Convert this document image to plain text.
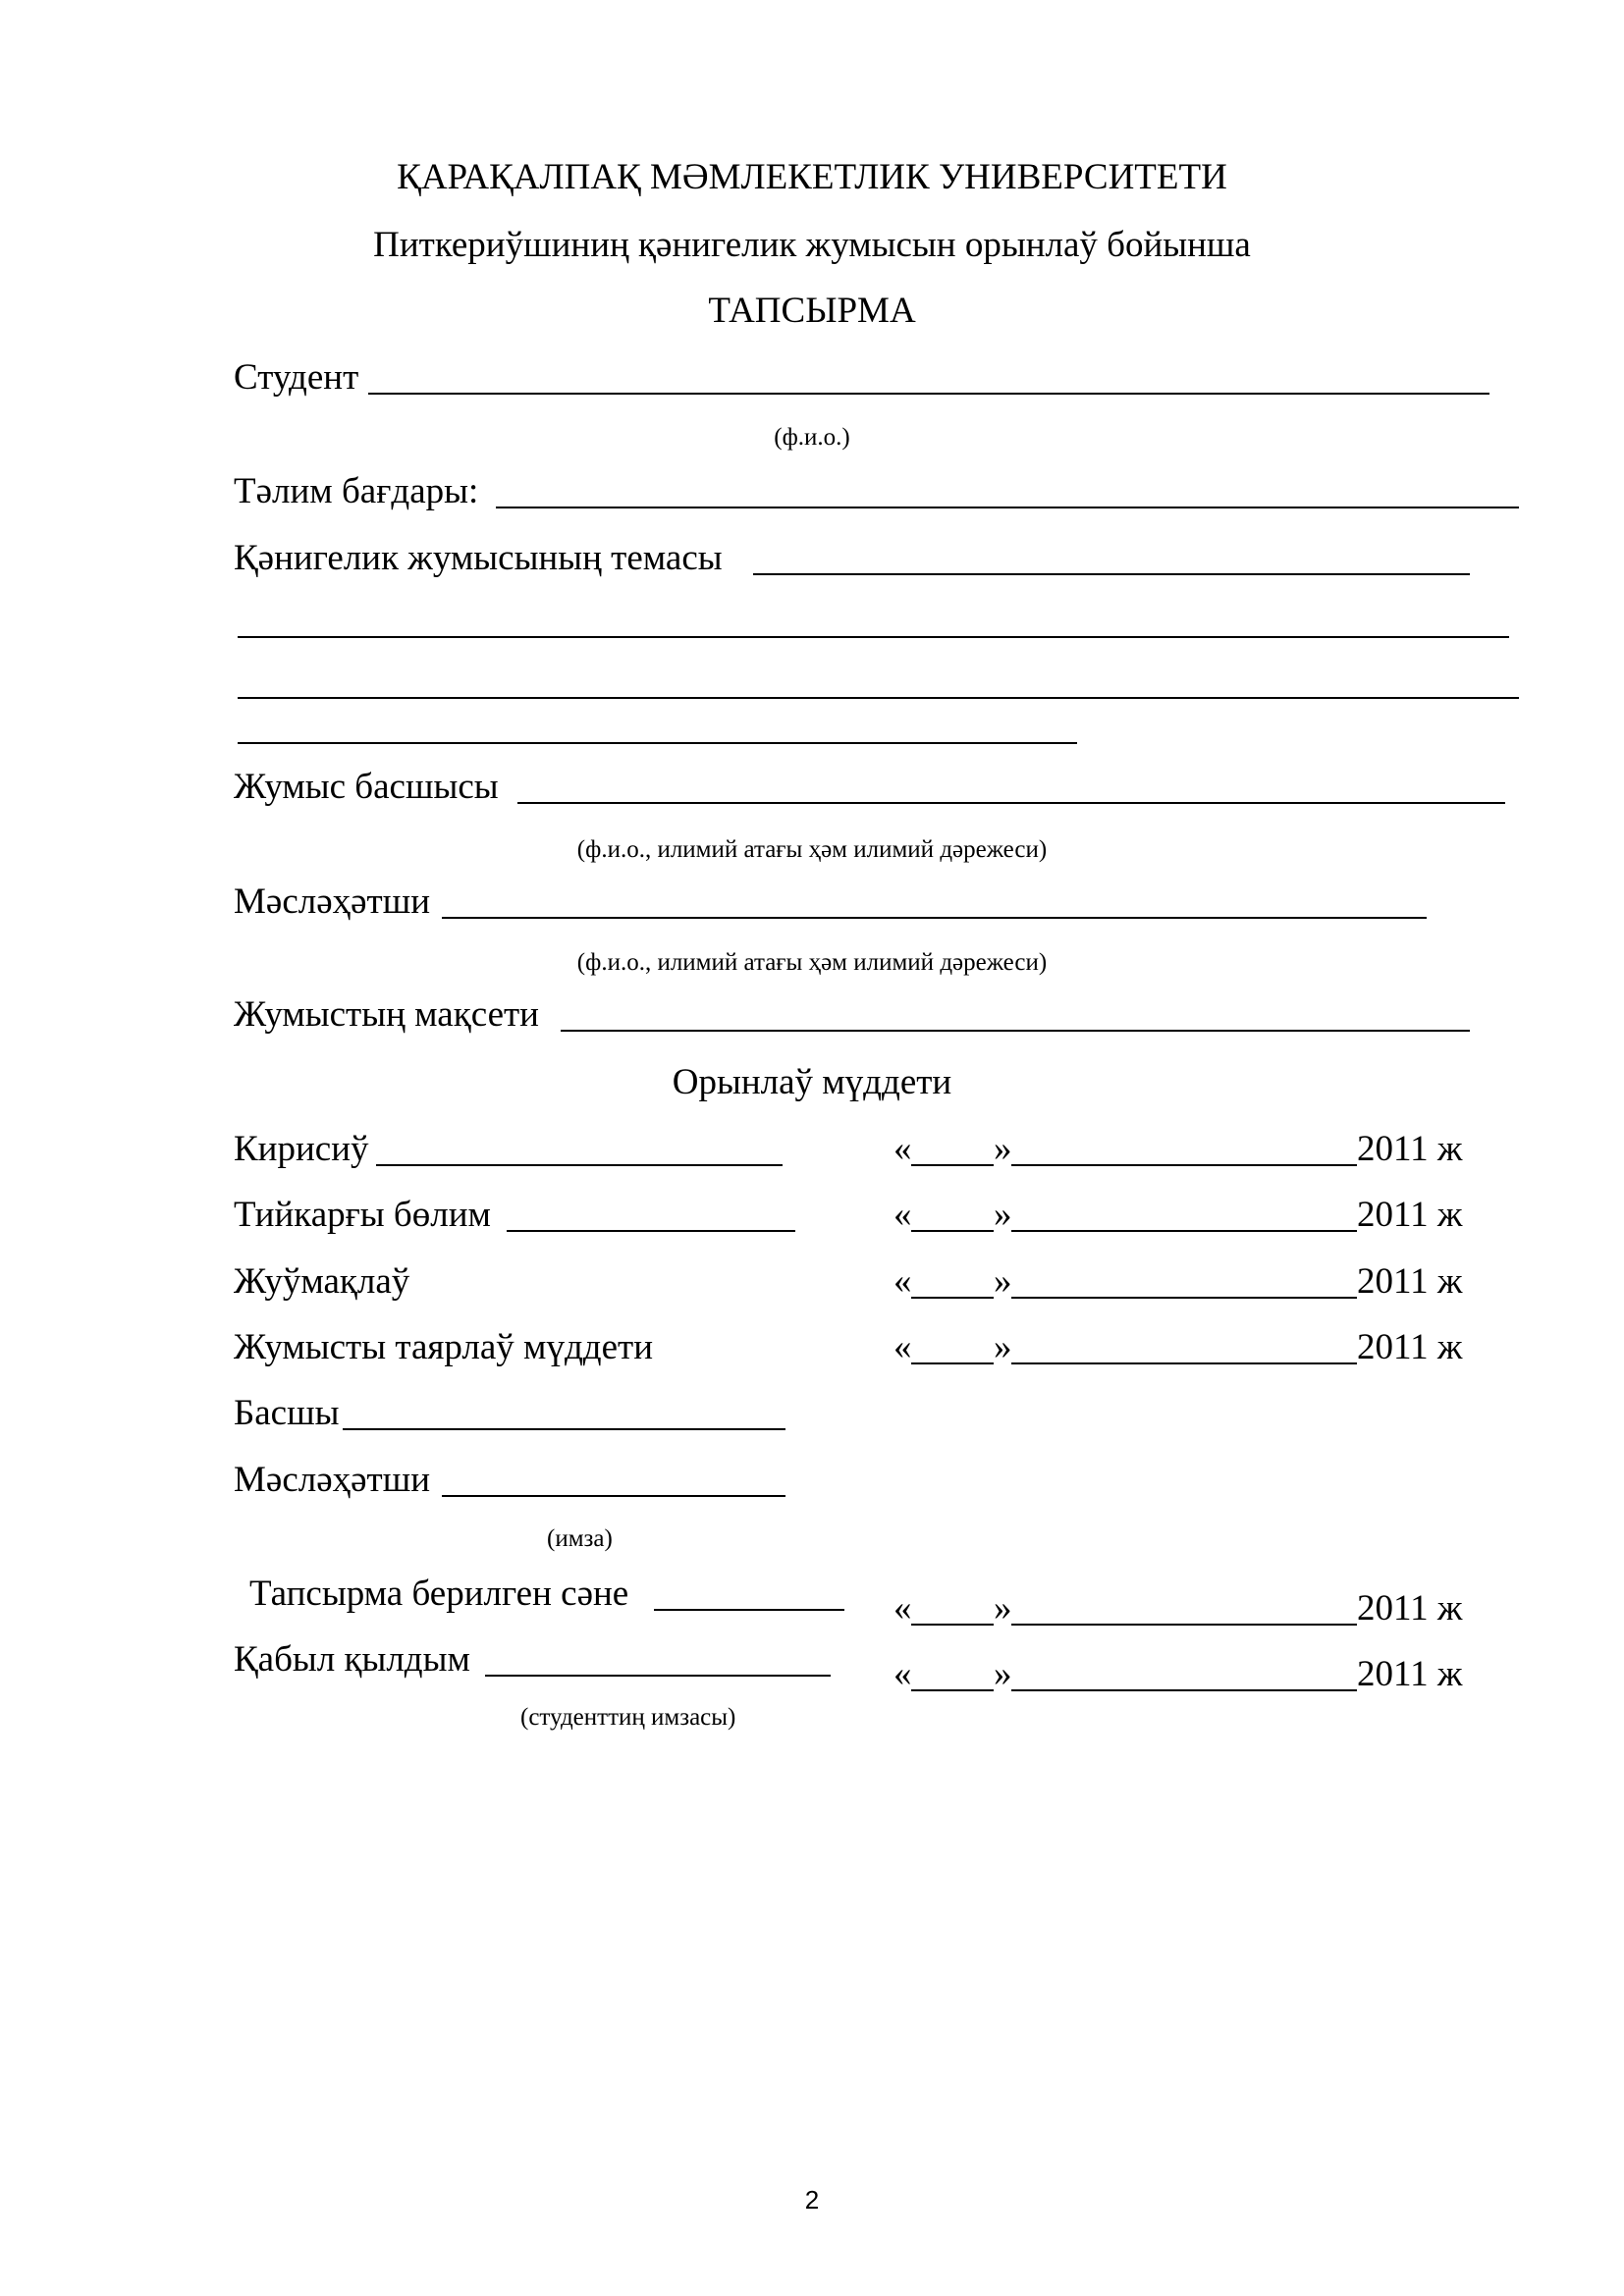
ҚАРАҚАЛПАҚ МӘМЛЕКЕТЛИК УНИВЕРСИТЕТИ
Питкериўшиниң қәнигелик жумысын орынлаў бойынша
ТАПСЫРМА
Студент
(ф.и.о.)
Тәлим бағдары:
Қәнигелик жумысының темасы
Жумыс басшысы
(ф.и.о., илимий атағы ҳәм илимий дәрежеси)
Мәсләҳәтши
(ф.и.о., илимий атағы ҳәм илимий дәрежеси)
Жумыстың мақсети
Орынлаў мүддети
Кирисиў	« »	2011 ж
Тийкарғы бөлим	« »	2011 ж
Жуўмақлаў	« »	2011 ж
Жумысты таярлаў мүддети	« »	2011 ж
Басшы
Мәсләҳәтши
(имза)
Тапсырма берилген сәне	« »	2011 ж
Қабыл қылдым	« »	2011 ж
(студенттиң имзасы)
2
